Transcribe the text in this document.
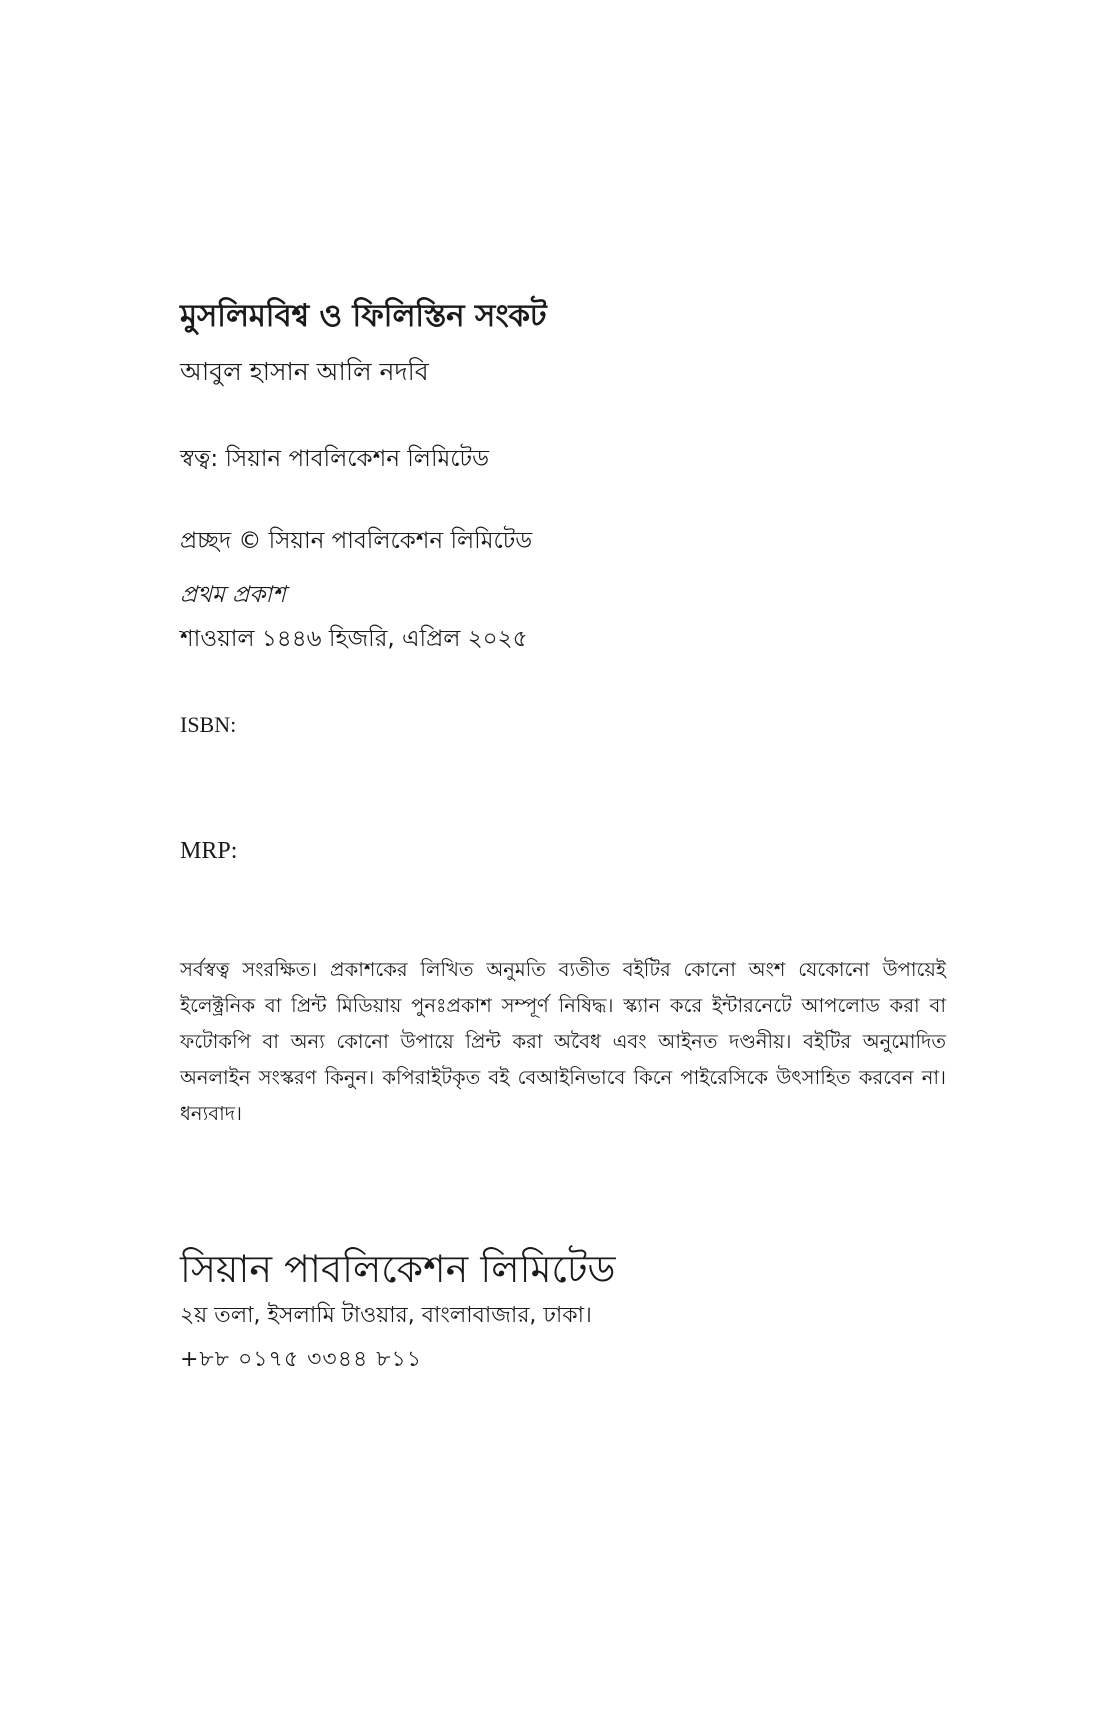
মুসলিমবিশ্ব ও ফিলিস্তিন সংকট
আবুল হাসান আলি নদবি
স্বত্ব: সিয়ান পাবলিকেশন লিমিটেড
প্রচ্ছদ © সিয়ান পাবলিকেশন লিমিটেড
প্রথম প্রকাশ
শাওয়াল ১৪৪৬ হিজরি, এপ্রিল ২০২৫
ISBN:
MRP:

সর্বস্বত্ব সংরক্ষিত। প্রকাশকের লিখিত অনুমতি ব্যতীত বইটির কোনো অংশ যেকোনো উপায়েই ইলেক্ট্রনিক বা প্রিন্ট মিডিয়ায় পুনঃপ্রকাশ সম্পূর্ণ নিষিদ্ধ। স্ক্যান করে ইন্টারনেটে আপলোড করা বা ফটোকপি বা অন্য কোনো উপায়ে প্রিন্ট করা অবৈধ এবং আইনত দণ্ডনীয়। বইটির অনুমোদিত অনলাইন সংস্করণ কিনুন। কপিরাইটকৃত বই বেআইনিভাবে কিনে পাইরেসিকে উৎসাহিত করবেন না। ধন্যবাদ।

সিয়ান পাবলিকেশন লিমিটেড
২য় তলা, ইসলামি টাওয়ার, বাংলাবাজার, ঢাকা।
+৮৮ ০১৭৫ ৩৩৪৪ ৮১১
